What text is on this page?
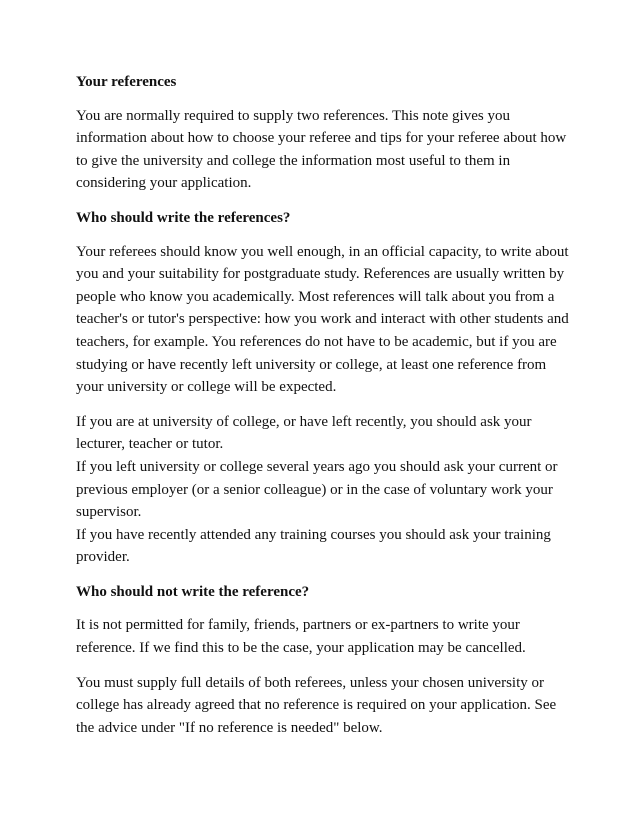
Your references
You are normally required to supply two references. This note gives you
information about how to choose your referee and tips for your referee about how
to give the university and college the information most useful to them in
considering your application.
Who should write the references?
Your referees should know you well enough, in an official capacity, to write about
you and your suitability for postgraduate study. References are usually written by
people who know you academically. Most references will talk about you from a
teacher's or tutor's perspective: how you work and interact with other students and
teachers, for example. You references do not have to be academic, but if you are
studying or have recently left university or college, at least one reference from
your university or college will be expected.
If you are at university of college, or have left recently, you should ask your
lecturer, teacher or tutor.
If you left university or college several years ago you should ask your current or
previous employer (or a senior colleague) or in the case of voluntary work your
supervisor.
If you have recently attended any training courses you should ask your training
provider.
Who should not write the reference?
It is not permitted for family, friends, partners or ex-partners to write your
reference. If we find this to be the case, your application may be cancelled.
You must supply full details of both referees, unless your chosen university or
college has already agreed that no reference is required on your application. See
the advice under "If no reference is needed" below.
